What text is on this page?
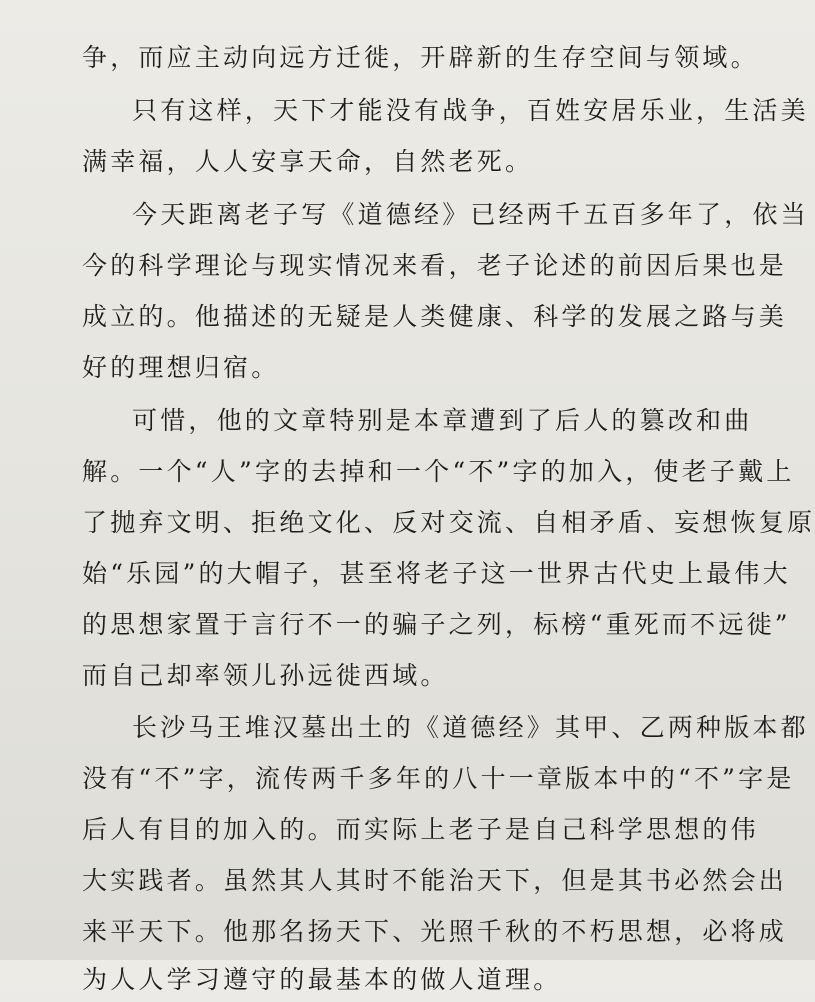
争，而应主动向远方迁徙，开辟新的生存空间与领域。
只有这样，天下才能没有战争，百姓安居乐业，生活美
满幸福，人人安享天命，自然老死。
今天距离老子写《道德经》已经两千五百多年了，依当
今的科学理论与现实情况来看，老子论述的前因后果也是
成立的。他描述的无疑是人类健康、科学的发展之路与美
好的理想归宿。
可惜，他的文章特别是本章遭到了后人的篡改和曲
解。一个“人”字的去掉和一个“不”字的加入，使老子戴上
了抛弃文明、拒绝文化、反对交流、自相矛盾、妄想恢复原
始“乐园”的大帽子，甚至将老子这一世界古代史上最伟大
的思想家置于言行不一的骗子之列，标榜“重死而不远徙”
而自己却率领儿孙远徙西域。
长沙马王堆汉墓出土的《道德经》其甲、乙两种版本都
没有“不”字，流传两千多年的八十一章版本中的“不”字是
后人有目的加入的。而实际上老子是自己科学思想的伟
大实践者。虽然其人其时不能治天下，但是其书必然会出
来平天下。他那名扬天下、光照千秋的不朽思想，必将成
为人人学习遵守的最基本的做人道理。
